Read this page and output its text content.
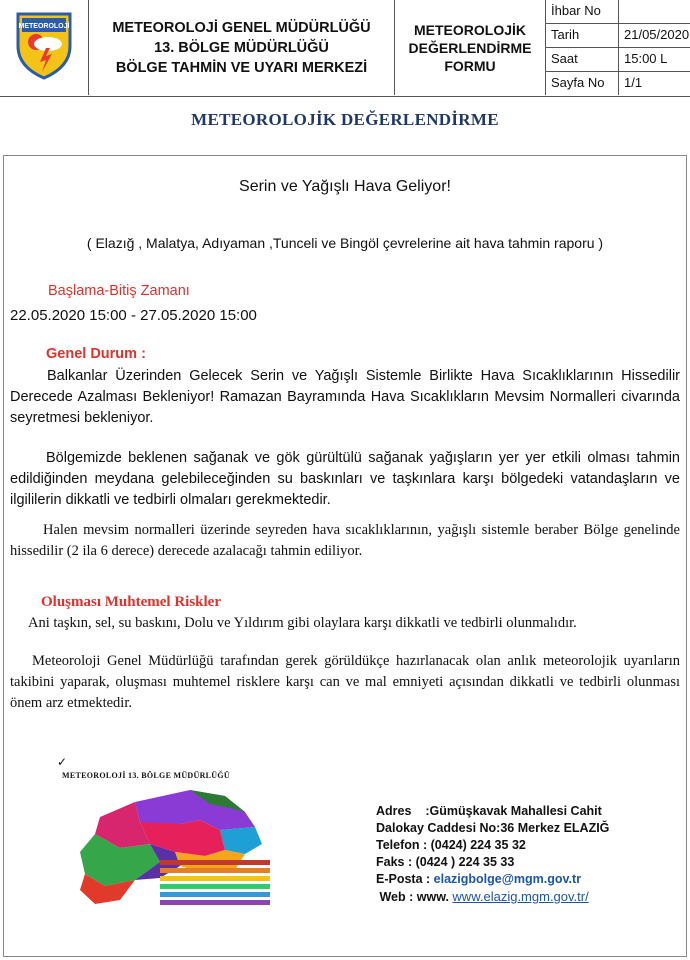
METEOROLOJİ	METEOROLOJİ GENEL MÜDÜRLÜĞÜ
13. BÖLGE MÜDÜRLÜĞÜ
BÖLGE TAHMİN VE UYARI MERKEZİ
METEOROLOJİK
DEĞERLENDİRME
FORMU
İhbar No
Tarih	21/05/2020
Saat	15:00 L
Sayfa No 1/1
METEOROLOJİK DEĞERLENDİRME
Serin ve Yağışlı Hava Geliyor!
( Elazığ , Malatya, Adıyaman ,Tunceli ve Bingöl çevrelerine ait hava tahmin raporu )
Başlama-Bitiş Zamanı
22.05.2020 15:00 - 27.05.2020 15:00
Genel Durum :
Balkanlar Üzerinden Gelecek Serin ve Yağışlı Sistemle Birlikte Hava Sıcaklıklarının Hissedilir Derecede Azalması Bekleniyor! Ramazan Bayramında Hava Sıcaklıkların Mevsim Normalleri civarında seyretmesi bekleniyor.
Bölgemizde beklenen sağanak ve gök gürültülü sağanak yağışların yer yer etkili olması tahmin edildiğinden meydana gelebileceğinden su baskınları ve taşkınlara karşı bölgedeki vatandaşların ve ilgililerin dikkatli ve tedbirli olmaları gerekmektedir.
Halen mevsim normalleri üzerinde seyreden hava sıcaklıklarının, yağışlı sistemle beraber Bölge genelinde hissedilir (2 ila 6 derece) derecede azalacağı tahmin ediliyor.
Oluşması Muhtemel Riskler
Ani taşkın, sel, su baskını, Dolu ve Yıldırım gibi olaylara karşı dikkatli ve tedbirli olunmalıdır.
Meteoroloji Genel Müdürlüğü tarafından gerek görüldükçe hazırlanacak olan anlık meteorolojik uyarıların takibini yaparak, oluşması muhtemel risklere karşı can ve mal emniyeti açısından dikkatli ve tedbirli olunması önem arz etmektedir.
✓
METEOROLOJİ 13. BÖLGE MÜDÜRLÜĞÜ
Adres :Gümüşkavak Mahallesi Cahit
Dalokay Caddesi No:36 Merkez ELAZIĞ
Telefon : (0424) 224 35 32
Faks : (0424 ) 224 35 33
E-Posta : elazigbolge@mgm.gov.tr
Web : www. www.elazig.mgm.gov.tr/
